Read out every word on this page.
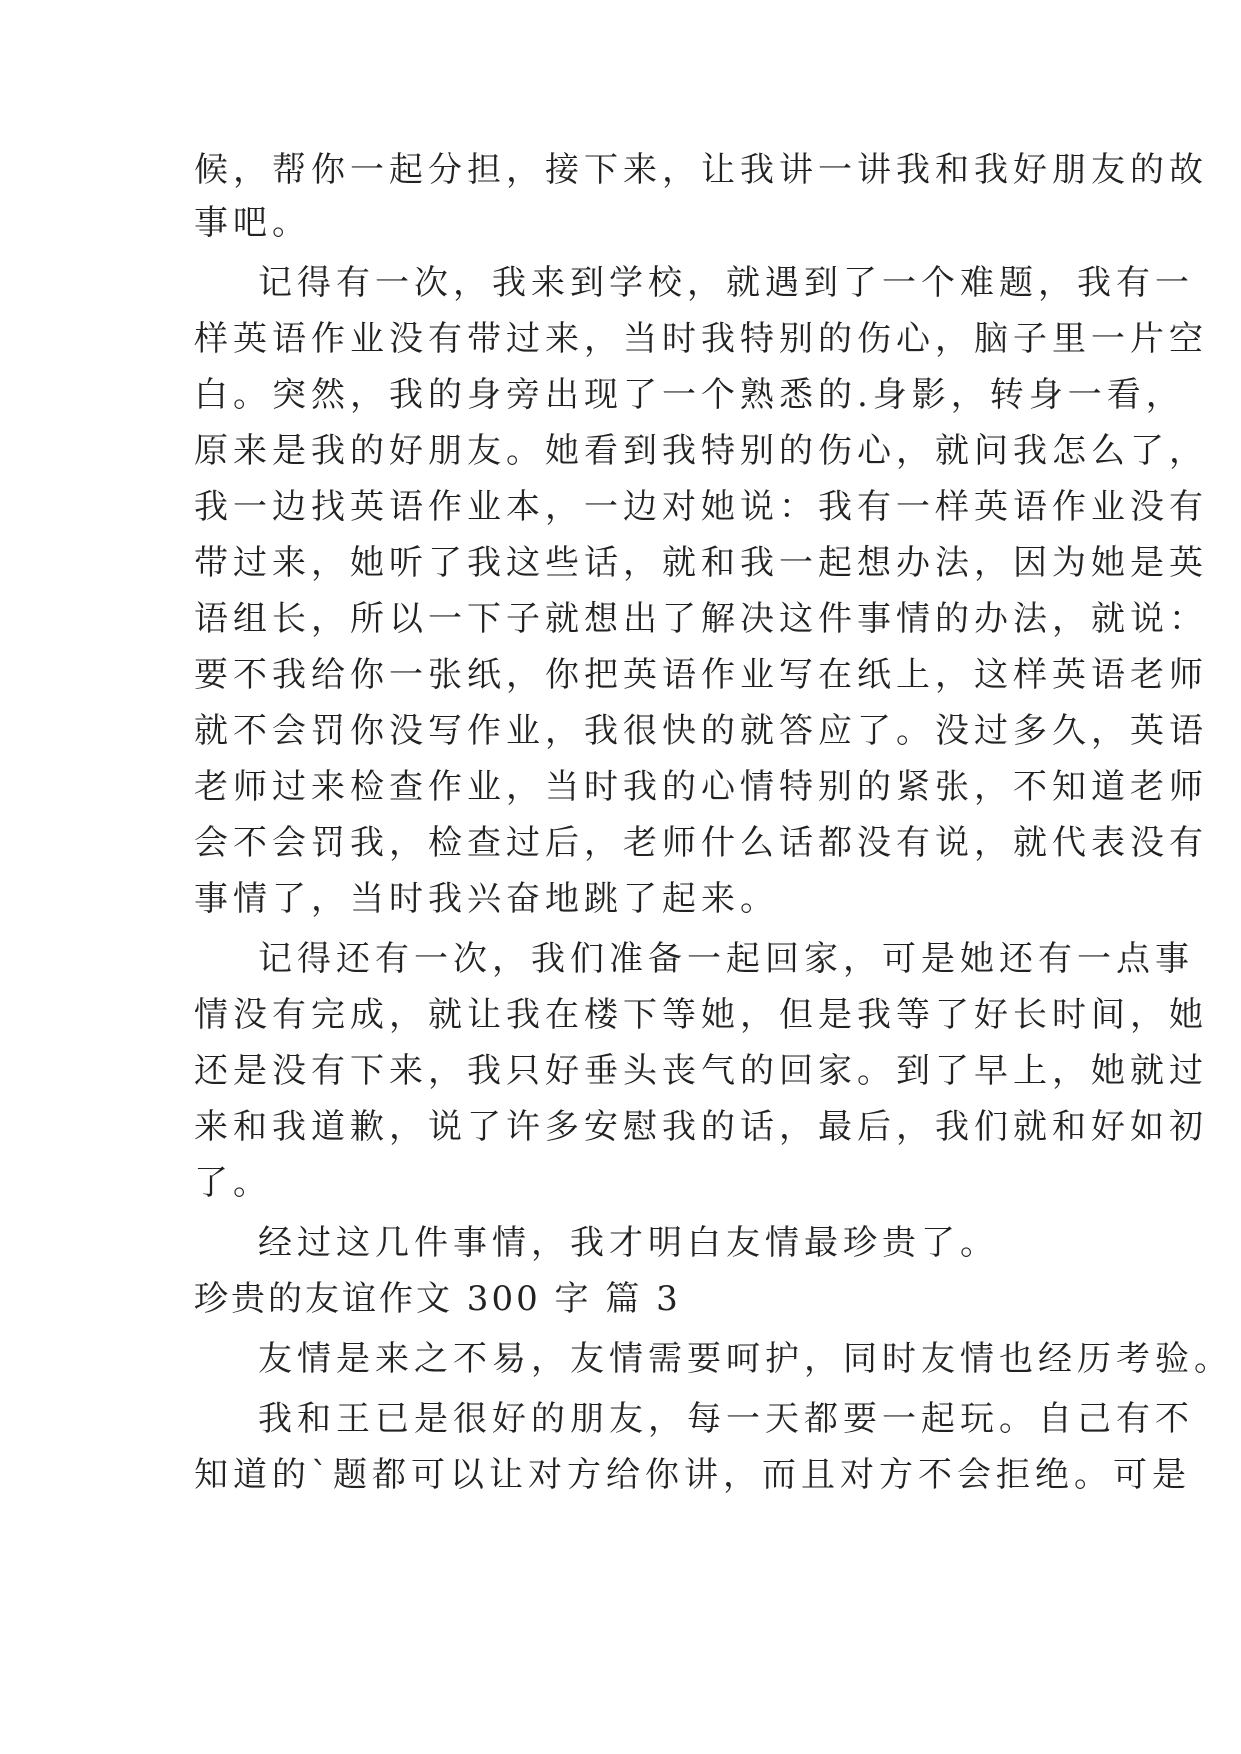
候，帮你一起分担，接下来，让我讲一讲我和我好朋友的故
事吧。
记得有一次，我来到学校，就遇到了一个难题，我有一
样英语作业没有带过来，当时我特别的伤心，脑子里一片空
白。突然，我的身旁出现了一个熟悉的.身影，转身一看，
原来是我的好朋友。她看到我特别的伤心，就问我怎么了，
我一边找英语作业本，一边对她说：我有一样英语作业没有
带过来，她听了我这些话，就和我一起想办法，因为她是英
语组长，所以一下子就想出了解决这件事情的办法，就说：
要不我给你一张纸，你把英语作业写在纸上，这样英语老师
就不会罚你没写作业，我很快的就答应了。没过多久，英语
老师过来检查作业，当时我的心情特别的紧张，不知道老师
会不会罚我，检查过后，老师什么话都没有说，就代表没有
事情了，当时我兴奋地跳了起来。
记得还有一次，我们准备一起回家，可是她还有一点事
情没有完成，就让我在楼下等她，但是我等了好长时间，她
还是没有下来，我只好垂头丧气的回家。到了早上，她就过
来和我道歉，说了许多安慰我的话，最后，我们就和好如初
了。
经过这几件事情，我才明白友情最珍贵了。
珍贵的友谊作文 300 字 篇 3
友情是来之不易，友情需要呵护，同时友情也经历考验。
我和王已是很好的朋友，每一天都要一起玩。自己有不
知道的`题都可以让对方给你讲，而且对方不会拒绝。可是
